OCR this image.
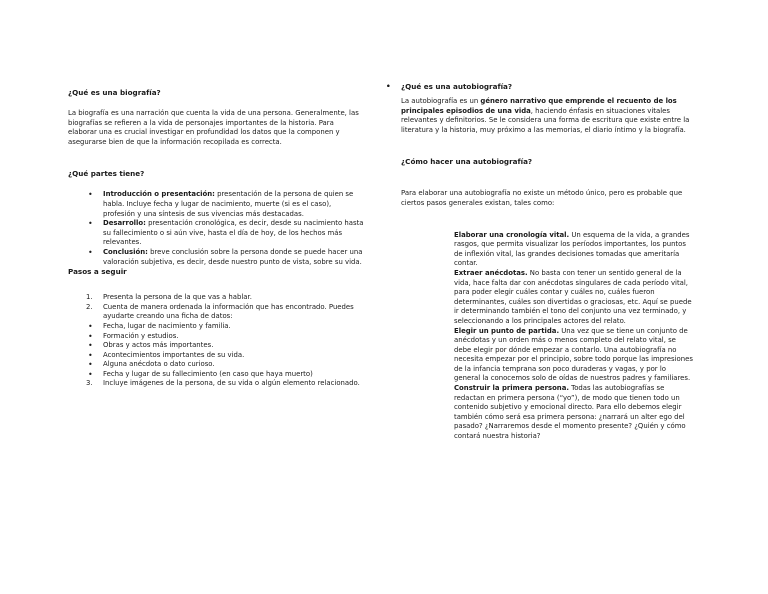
¿Qué es una biografía?

La biografía es una narración que cuenta la vida de una persona. Generalmente, las biografías se refieren a la vida de personajes importantes de la historia. Para elaborar una es crucial investigar en profundidad los datos que la componen y asegurarse bien de que la información recopilada es correcta.

¿Qué partes tiene?
• Introducción o presentación: presentación de la persona de quien se habla. Incluye fecha y lugar de nacimiento, muerte (si es el caso), profesión y una síntesis de sus vivencias más destacadas.
• Desarrollo: presentación cronológica, es decir, desde su nacimiento hasta su fallecimiento o si aún vive, hasta el día de hoy, de los hechos más relevantes.
• Conclusión: breve conclusión sobre la persona donde se puede hacer una valoración subjetiva, es decir, desde nuestro punto de vista, sobre su vida.
Pasos a seguir
1. Presenta la persona de la que vas a hablar.
2. Cuenta de manera ordenada la información que has encontrado. Puedes ayudarte creando una ficha de datos:
• Fecha, lugar de nacimiento y familia.
• Formación y estudios.
• Obras y actos más importantes.
• Acontecimientos importantes de su vida.
• Alguna anécdota o dato curioso.
• Fecha y lugar de su fallecimiento (en caso que haya muerto)
3. Incluye imágenes de la persona, de su vida o algún elemento relacionado.
¿Qué es una autobiografía?

La autobiografía es un género narrativo que emprende el recuento de los principales episodios de una vida, haciendo énfasis en situaciones vitales relevantes y definitorios. Se le considera una forma de escritura que existe entre la literatura y la historia, muy próximo a las memorias, el diario íntimo y la biografía.

¿Cómo hacer una autobiografía?

Para elaborar una autobiografía no existe un método único, pero es probable que ciertos pasos generales existan, tales como:

• Elaborar una cronología vital. Un esquema de la vida, a grandes rasgos, que permita visualizar los períodos importantes, los puntos de inflexión vital, las grandes decisiones tomadas que ameritaría contar.
• Extraer anécdotas. No basta con tener un sentido general de la vida, hace falta dar con anécdotas singulares de cada período vital, para poder elegir cuáles contar y cuáles no, cuáles fueron determinantes, cuáles son divertidas o graciosas, etc. Aquí se puede ir determinando también el tono del conjunto una vez terminado, y seleccionando a los principales actores del relato.
• Elegir un punto de partida. Una vez que se tiene un conjunto de anécdotas y un orden más o menos completo del relato vital, se debe elegir por dónde empezar a contarlo. Una autobiografía no necesita empezar por el principio, sobre todo porque las impresiones de la infancia temprana son poco duraderas y vagas, y por lo general la conocemos solo de oídas de nuestros padres y familiares.
• Construir la primera persona. Todas las autobiografías se redactan en primera persona (“yo”), de modo que tienen todo un contenido subjetivo y emocional directo. Para ello debemos elegir también cómo será esa primera persona: ¿narrará un alter ego del pasado? ¿Narraremos desde el momento presente? ¿Quién y cómo contará nuestra historia?
